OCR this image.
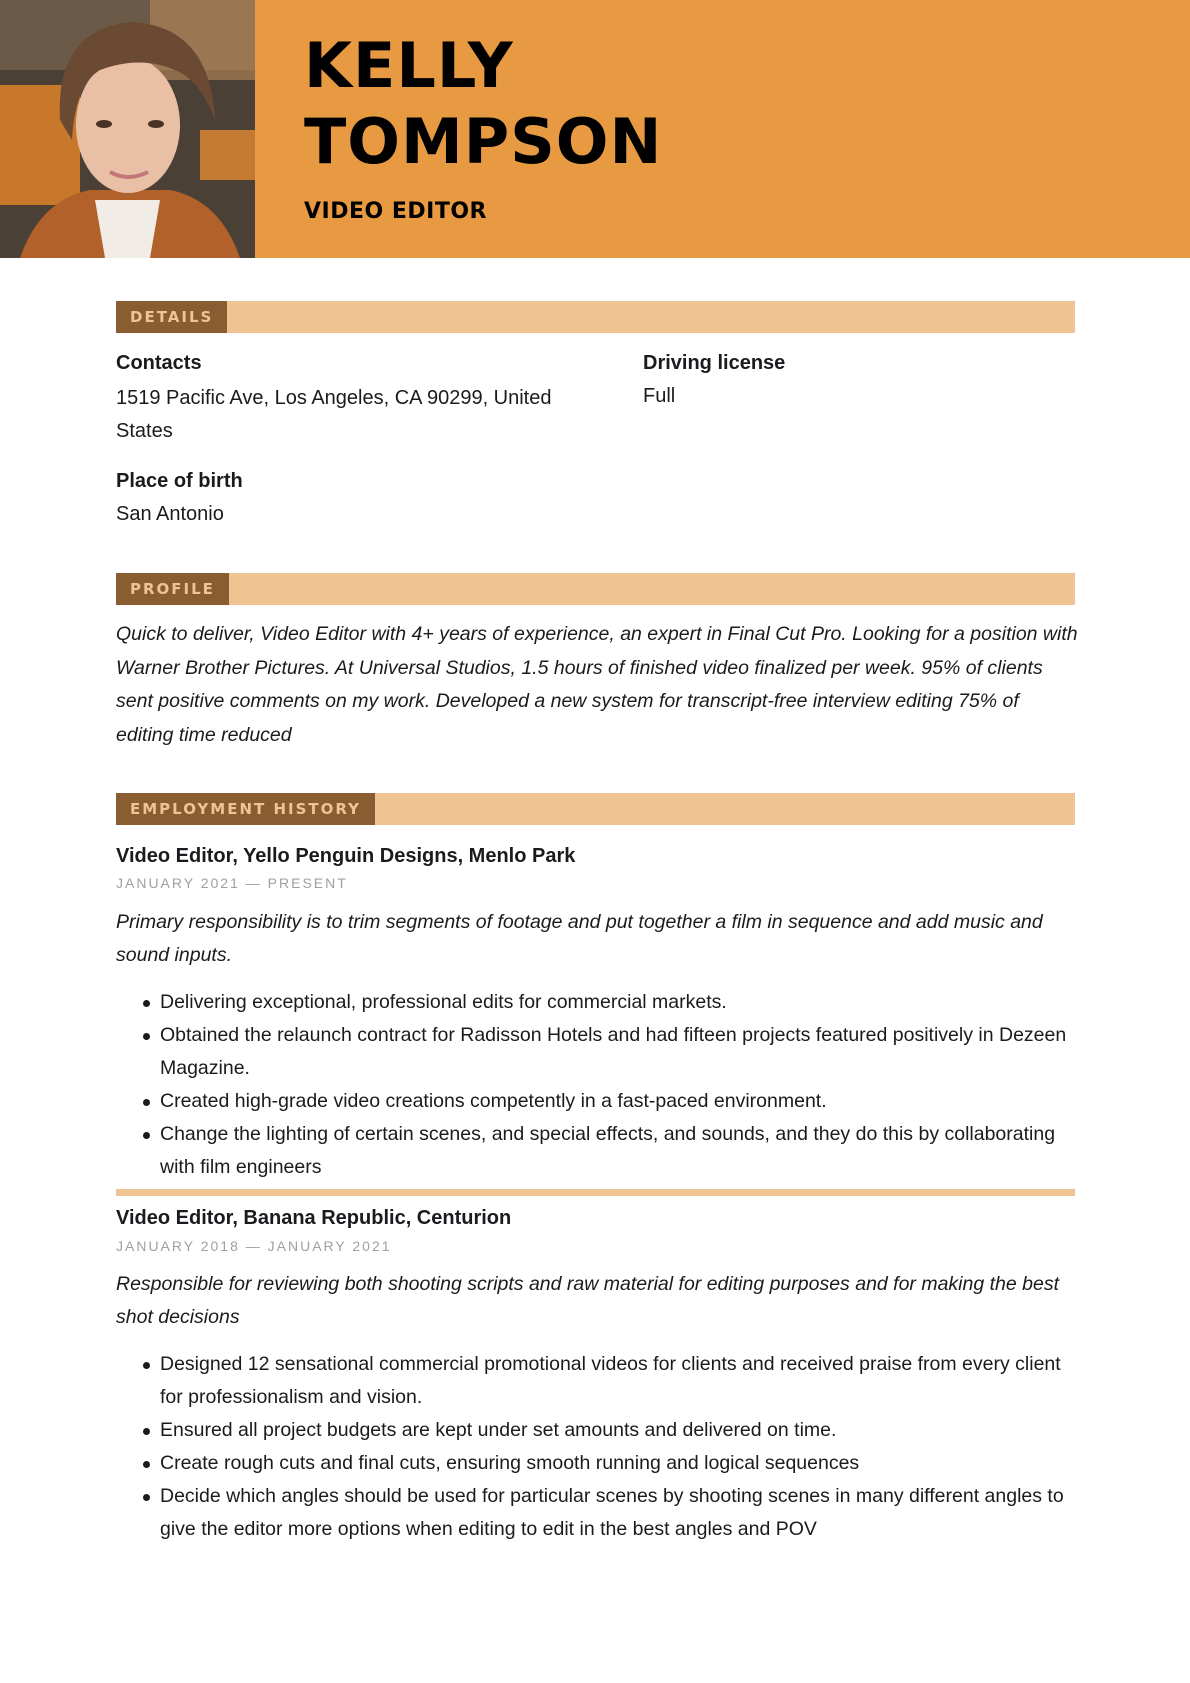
KELLY
TOMPSON
VIDEO EDITOR
DETAILS
Contacts
1519 Pacific Ave, Los Angeles, CA 90299, United
States
Place of birth
San Antonio
Driving license
Full
PROFILE
Quick to deliver, Video Editor with 4+ years of experience, an expert in Final Cut Pro. Looking for a position with Warner Brother Pictures. At Universal Studios, 1.5 hours of finished video finalized per week. 95% of clients sent positive comments on my work. Developed a new system for transcript-free interview editing 75% of editing time reduced
EMPLOYMENT HISTORY
Video Editor, Yello Penguin Designs, Menlo Park
JANUARY 2021 — PRESENT
Primary responsibility is to trim segments of footage and put together a film in sequence and add music and sound inputs.
Delivering exceptional, professional edits for commercial markets.
Obtained the relaunch contract for Radisson Hotels and had fifteen projects featured positively in Dezeen Magazine.
Created high-grade video creations competently in a fast-paced environment.
Change the lighting of certain scenes, and special effects, and sounds, and they do this by collaborating with film engineers
Video Editor, Banana Republic, Centurion
JANUARY 2018 — JANUARY 2021
Responsible for reviewing both shooting scripts and raw material for editing purposes and for making the best shot decisions
Designed 12 sensational commercial promotional videos for clients and received praise from every client for professionalism and vision.
Ensured all project budgets are kept under set amounts and delivered on time.
Create rough cuts and final cuts, ensuring smooth running and logical sequences
Decide which angles should be used for particular scenes by shooting scenes in many different angles to give the editor more options when editing to edit in the best angles and POV
